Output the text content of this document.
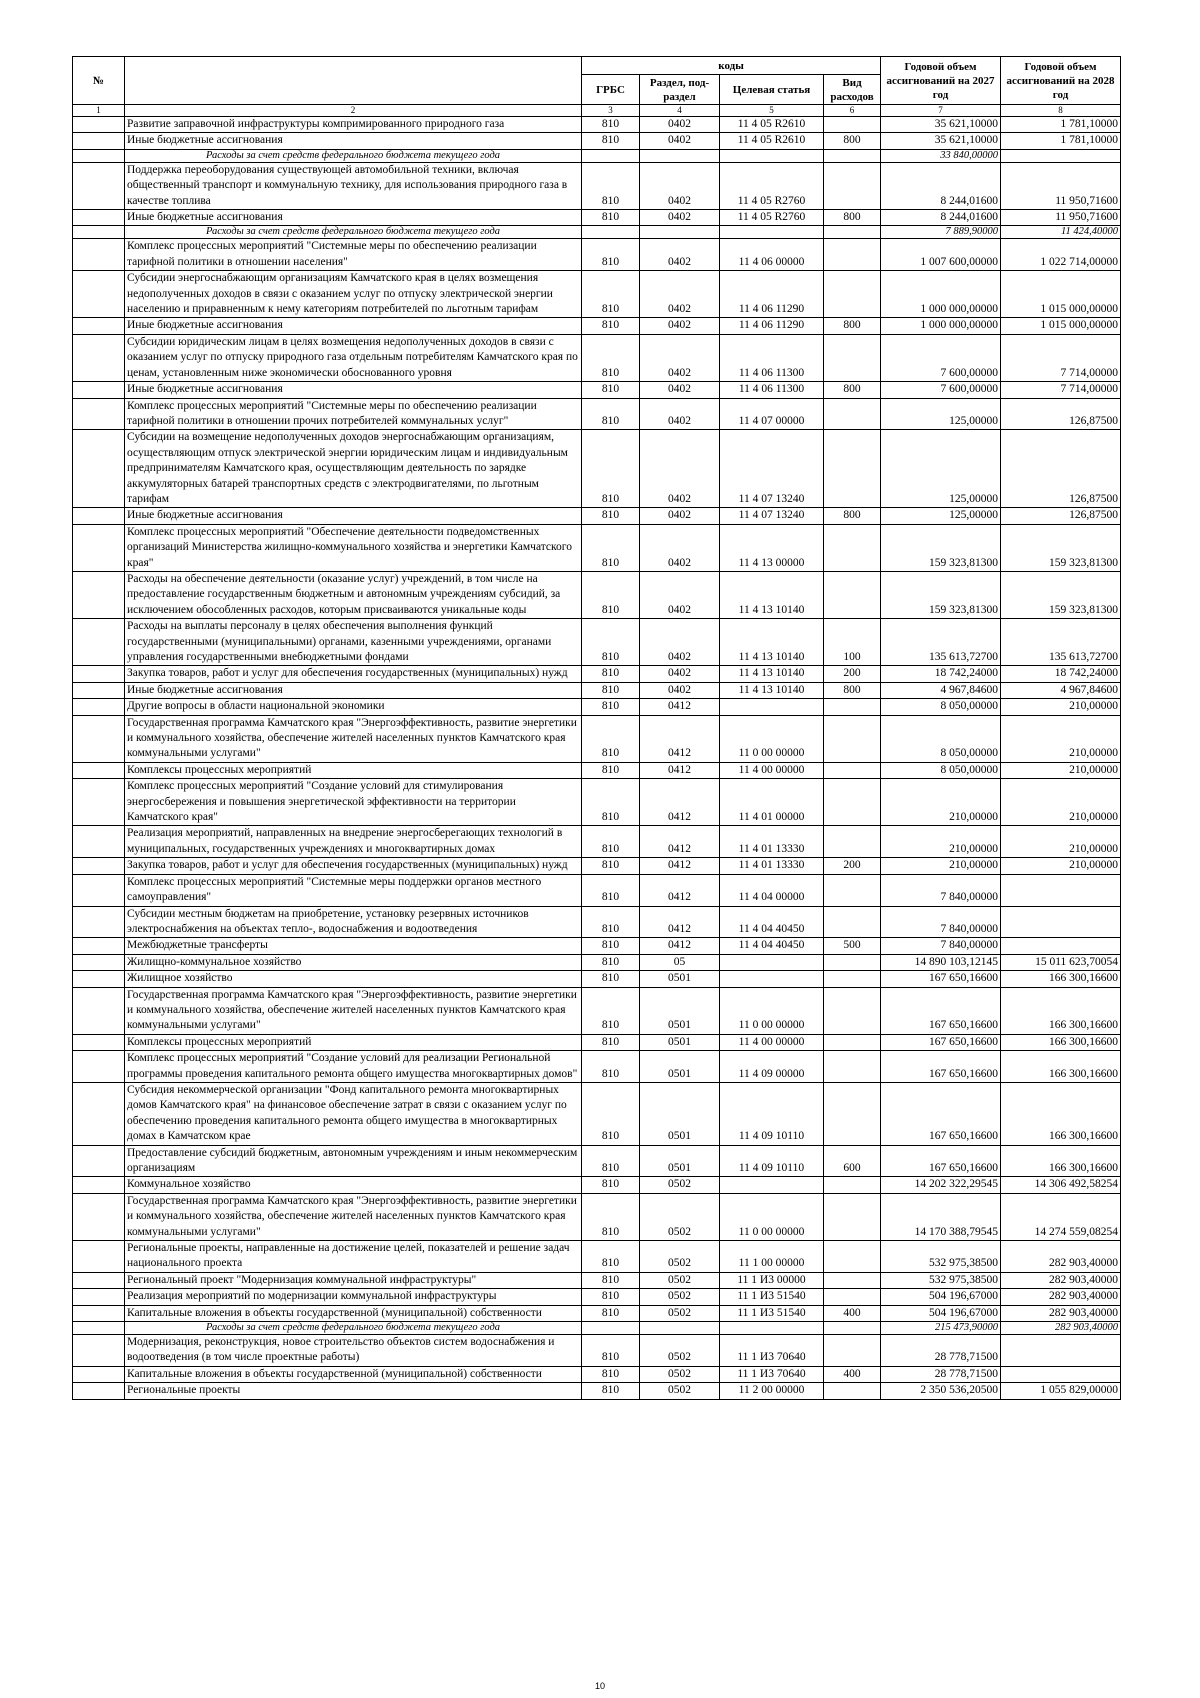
№		коды				Годовой объем ассигнований на 2027 год	Годовой объем ассигнований на 2028 год
		ГРБС	Раздел, под-раздел	Целевая статья	Вид расходов		
1	2	3	4	5	6	7	8
	Развитие заправочной инфраструктуры компримированного природного газа	810	0402	11 4 05 R2610		35 621,10000	1 781,10000
	Иные бюджетные ассигнования	810	0402	11 4 05 R2610	800	35 621,10000	1 781,10000
	Расходы за счет средств федерального бюджета текущего года					33 840,00000	
	Поддержка переоборудования существующей автомобильной техники, включая общественный транспорт и коммунальную технику, для использования природного газа в качестве топлива	810	0402	11 4 05 R2760		8 244,01600	11 950,71600
	Иные бюджетные ассигнования	810	0402	11 4 05 R2760	800	8 244,01600	11 950,71600
	Расходы за счет средств федерального бюджета текущего года					7 889,90000	11 424,40000
	Комплекс процессных мероприятий "Системные меры по обеспечению реализации тарифной политики в отношении населения"	810	0402	11 4 06 00000		1 007 600,00000	1 022 714,00000
	Субсидии энергоснабжающим организациям Камчатского края в целях возмещения недополученных доходов в связи с оказанием услуг по отпуску электрической энергии населению и приравненным к нему категориям потребителей по льготным тарифам	810	0402	11 4 06 11290		1 000 000,00000	1 015 000,00000
	Иные бюджетные ассигнования	810	0402	11 4 06 11290	800	1 000 000,00000	1 015 000,00000
	Субсидии юридическим лицам в целях возмещения недополученных доходов в связи с оказанием услуг по отпуску природного газа отдельным потребителям Камчатского края по ценам, установленным ниже экономически обоснованного уровня	810	0402	11 4 06 11300		7 600,00000	7 714,00000
	Иные бюджетные ассигнования	810	0402	11 4 06 11300	800	7 600,00000	7 714,00000
	Комплекс процессных мероприятий "Системные меры по обеспечению реализации тарифной политики в отношении прочих потребителей коммунальных услуг"	810	0402	11 4 07 00000		125,00000	126,87500
	Субсидии на возмещение недополученных доходов энергоснабжающим организациям, осуществляющим отпуск электрической энергии юридическим лицам и индивидуальным предпринимателям Камчатского края, осуществляющим деятельность по зарядке аккумуляторных батарей транспортных средств с электродвигателями, по льготным тарифам	810	0402	11 4 07 13240		125,00000	126,87500
	Иные бюджетные ассигнования	810	0402	11 4 07 13240	800	125,00000	126,87500
	Комплекс процессных мероприятий "Обеспечение деятельности подведомственных организаций Министерства жилищно-коммунального хозяйства и энергетики Камчатского края"	810	0402	11 4 13 00000		159 323,81300	159 323,81300
	Расходы на обеспечение деятельности (оказание услуг) учреждений, в том числе на предоставление государственным бюджетным и автономным учреждениям субсидий, за исключением обособленных расходов, которым присваиваются уникальные коды	810	0402	11 4 13 10140		159 323,81300	159 323,81300
	Расходы на выплаты персоналу в целях обеспечения выполнения функций государственными (муниципальными) органами, казенными учреждениями, органами управления государственными внебюджетными фондами	810	0402	11 4 13 10140	100	135 613,72700	135 613,72700
	Закупка товаров, работ и услуг для обеспечения государственных (муниципальных) нужд	810	0402	11 4 13 10140	200	18 742,24000	18 742,24000
	Иные бюджетные ассигнования	810	0402	11 4 13 10140	800	4 967,84600	4 967,84600
	Другие вопросы в области национальной экономики	810	0412			8 050,00000	210,00000
	Государственная программа Камчатского края "Энергоэффективность, развитие энергетики и коммунального хозяйства, обеспечение жителей населенных пунктов Камчатского края коммунальными услугами"	810	0412	11 0 00 00000		8 050,00000	210,00000
	Комплексы процессных мероприятий	810	0412	11 4 00 00000		8 050,00000	210,00000
	Комплекс процессных мероприятий "Создание условий для стимулирования энергосбережения и повышения энергетической эффективности на территории Камчатского края"	810	0412	11 4 01 00000		210,00000	210,00000
	Реализация мероприятий, направленных на внедрение энергосберегающих технологий в муниципальных, государственных учреждениях и многоквартирных домах	810	0412	11 4 01 13330		210,00000	210,00000
	Закупка товаров, работ и услуг для обеспечения государственных (муниципальных) нужд	810	0412	11 4 01 13330	200	210,00000	210,00000
	Комплекс процессных мероприятий "Системные меры поддержки органов местного самоуправления"	810	0412	11 4 04 00000		7 840,00000	
	Субсидии местным бюджетам на приобретение, установку резервных источников электроснабжения на объектах тепло-, водоснабжения и водоотведения	810	0412	11 4 04 40450		7 840,00000	
	Межбюджетные трансферты	810	0412	11 4 04 40450	500	7 840,00000	
	Жилищно-коммунальное хозяйство	810	05			14 890 103,12145	15 011 623,70054
	Жилищное хозяйство	810	0501			167 650,16600	166 300,16600
	Государственная программа Камчатского края "Энергоэффективность, развитие энергетики и коммунального хозяйства, обеспечение жителей населенных пунктов Камчатского края коммунальными услугами"	810	0501	11 0 00 00000		167 650,16600	166 300,16600
	Комплексы процессных мероприятий	810	0501	11 4 00 00000		167 650,16600	166 300,16600
	Комплекс процессных мероприятий "Создание условий для реализации Региональной программы проведения капитального ремонта общего имущества многоквартирных домов"	810	0501	11 4 09 00000		167 650,16600	166 300,16600
	Субсидия некоммерческой организации "Фонд капитального ремонта многоквартирных домов Камчатского края" на финансовое обеспечение затрат в связи с оказанием услуг по обеспечению проведения капитального ремонта общего имущества в многоквартирных домах в Камчатском крае	810	0501	11 4 09 10110		167 650,16600	166 300,16600
	Предоставление субсидий бюджетным, автономным учреждениям и иным некоммерческим организациям	810	0501	11 4 09 10110	600	167 650,16600	166 300,16600
	Коммунальное хозяйство	810	0502			14 202 322,29545	14 306 492,58254
	Государственная программа Камчатского края "Энергоэффективность, развитие энергетики и коммунального хозяйства, обеспечение жителей населенных пунктов Камчатского края коммунальными услугами"	810	0502	11 0 00 00000		14 170 388,79545	14 274 559,08254
	Региональные проекты, направленные на достижение целей, показателей и решение задач национального проекта	810	0502	11 1 00 00000		532 975,38500	282 903,40000
	Региональный проект "Модернизация коммунальной инфраструктуры"	810	0502	11 1 И3 00000		532 975,38500	282 903,40000
	Реализация мероприятий по модернизации коммунальной инфраструктуры	810	0502	11 1 И3 51540		504 196,67000	282 903,40000
	Капитальные вложения в объекты государственной (муниципальной) собственности	810	0502	11 1 И3 51540	400	504 196,67000	282 903,40000
	Расходы за счет средств федерального бюджета текущего года					215 473,90000	282 903,40000
	Модернизация, реконструкция, новое строительство объектов систем водоснабжения и водоотведения (в том числе проектные работы)	810	0502	11 1 И3 70640		28 778,71500	
	Капитальные вложения в объекты государственной (муниципальной) собственности	810	0502	11 1 И3 70640	400	28 778,71500	
	Региональные проекты	810	0502	11 2 00 00000		2 350 536,20500	1 055 829,00000
10
